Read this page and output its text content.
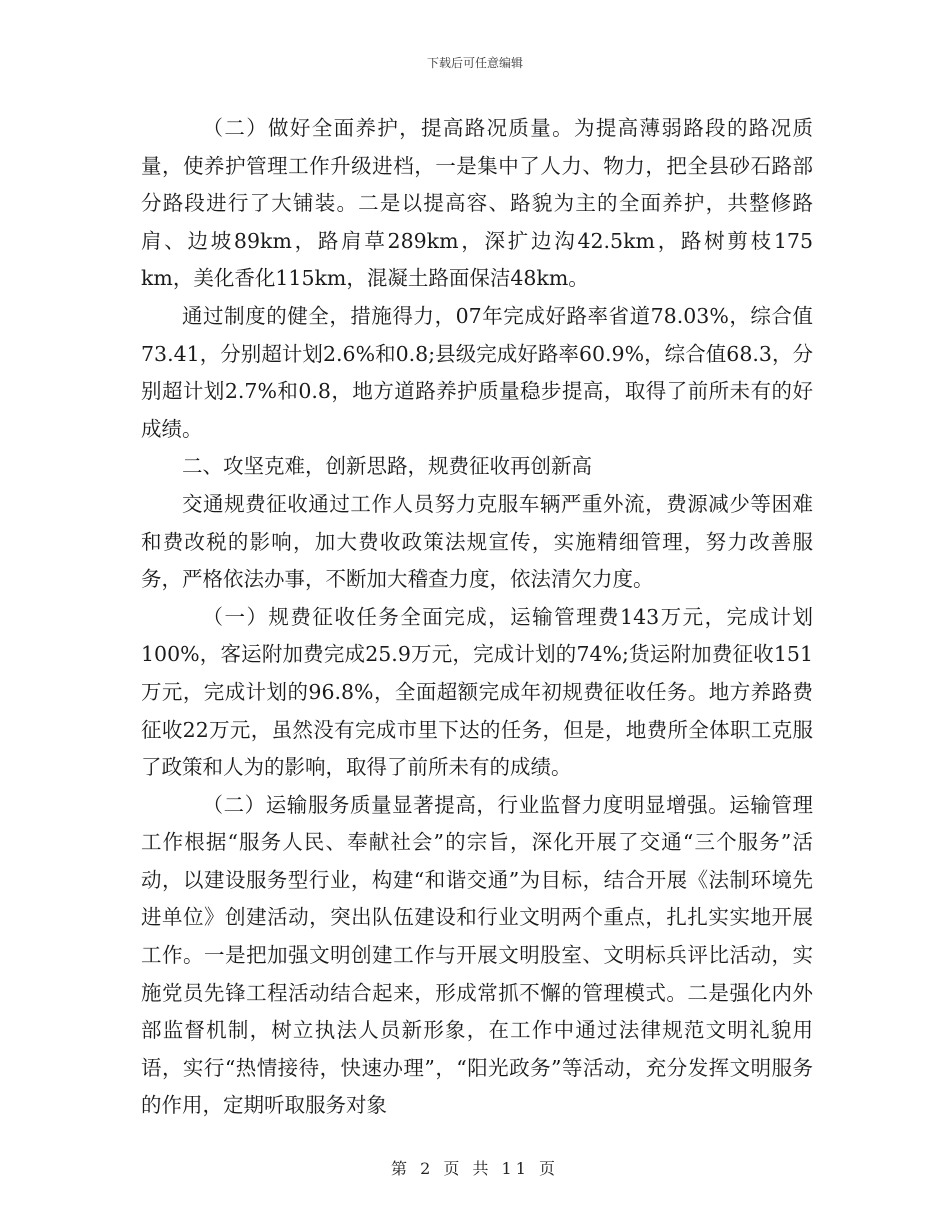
下载后可任意编辑

（二）做好全面养护，提高路况质量。为提高薄弱路段的路况质量，使养护管理工作升级进档，一是集中了人力、物力，把全县砂石路部分路段进行了大铺装。二是以提高容、路貌为主的全面养护，共整修路肩、边坡89km，路肩草289km，深扩边沟42.5km，路树剪枝175 km，美化香化115km，混凝土路面保洁48km。

通过制度的健全，措施得力，07年完成好路率省道78.03%，综合值73.41，分别超计划2.6%和0.8;县级完成好路率60.9%，综合值68.3，分别超计划2.7%和0.8，地方道路养护质量稳步提高，取得了前所未有的好成绩。

二、攻坚克难，创新思路，规费征收再创新高

交通规费征收通过工作人员努力克服车辆严重外流，费源减少等困难和费改税的影响，加大费收政策法规宣传，实施精细管理，努力改善服务，严格依法办事，不断加大稽查力度，依法清欠力度。

（一）规费征收任务全面完成，运输管理费143万元，完成计划100%，客运附加费完成25.9万元，完成计划的74%;货运附加费征收151万元，完成计划的96.8%，全面超额完成年初规费征收任务。地方养路费征收22万元，虽然没有完成市里下达的任务，但是，地费所全体职工克服了政策和人为的影响，取得了前所未有的成绩。

（二）运输服务质量显著提高，行业监督力度明显增强。运输管理工作根据“服务人民、奉献社会”的宗旨，深化开展了交通“三个服务”活动，以建设服务型行业，构建“和谐交通”为目标，结合开展《法制环境先进单位》创建活动，突出队伍建设和行业文明两个重点，扎扎实实地开展工作。一是把加强文明创建工作与开展文明股室、文明标兵评比活动，实施党员先锋工程活动结合起来，形成常抓不懈的管理模式。二是强化内外部监督机制，树立执法人员新形象，在工作中通过法律规范文明礼貌用语，实行“热情接待，快速办理”，“阳光政务”等活动，充分发挥文明服务的作用，定期听取服务对象

第 2 页 共 11 页
